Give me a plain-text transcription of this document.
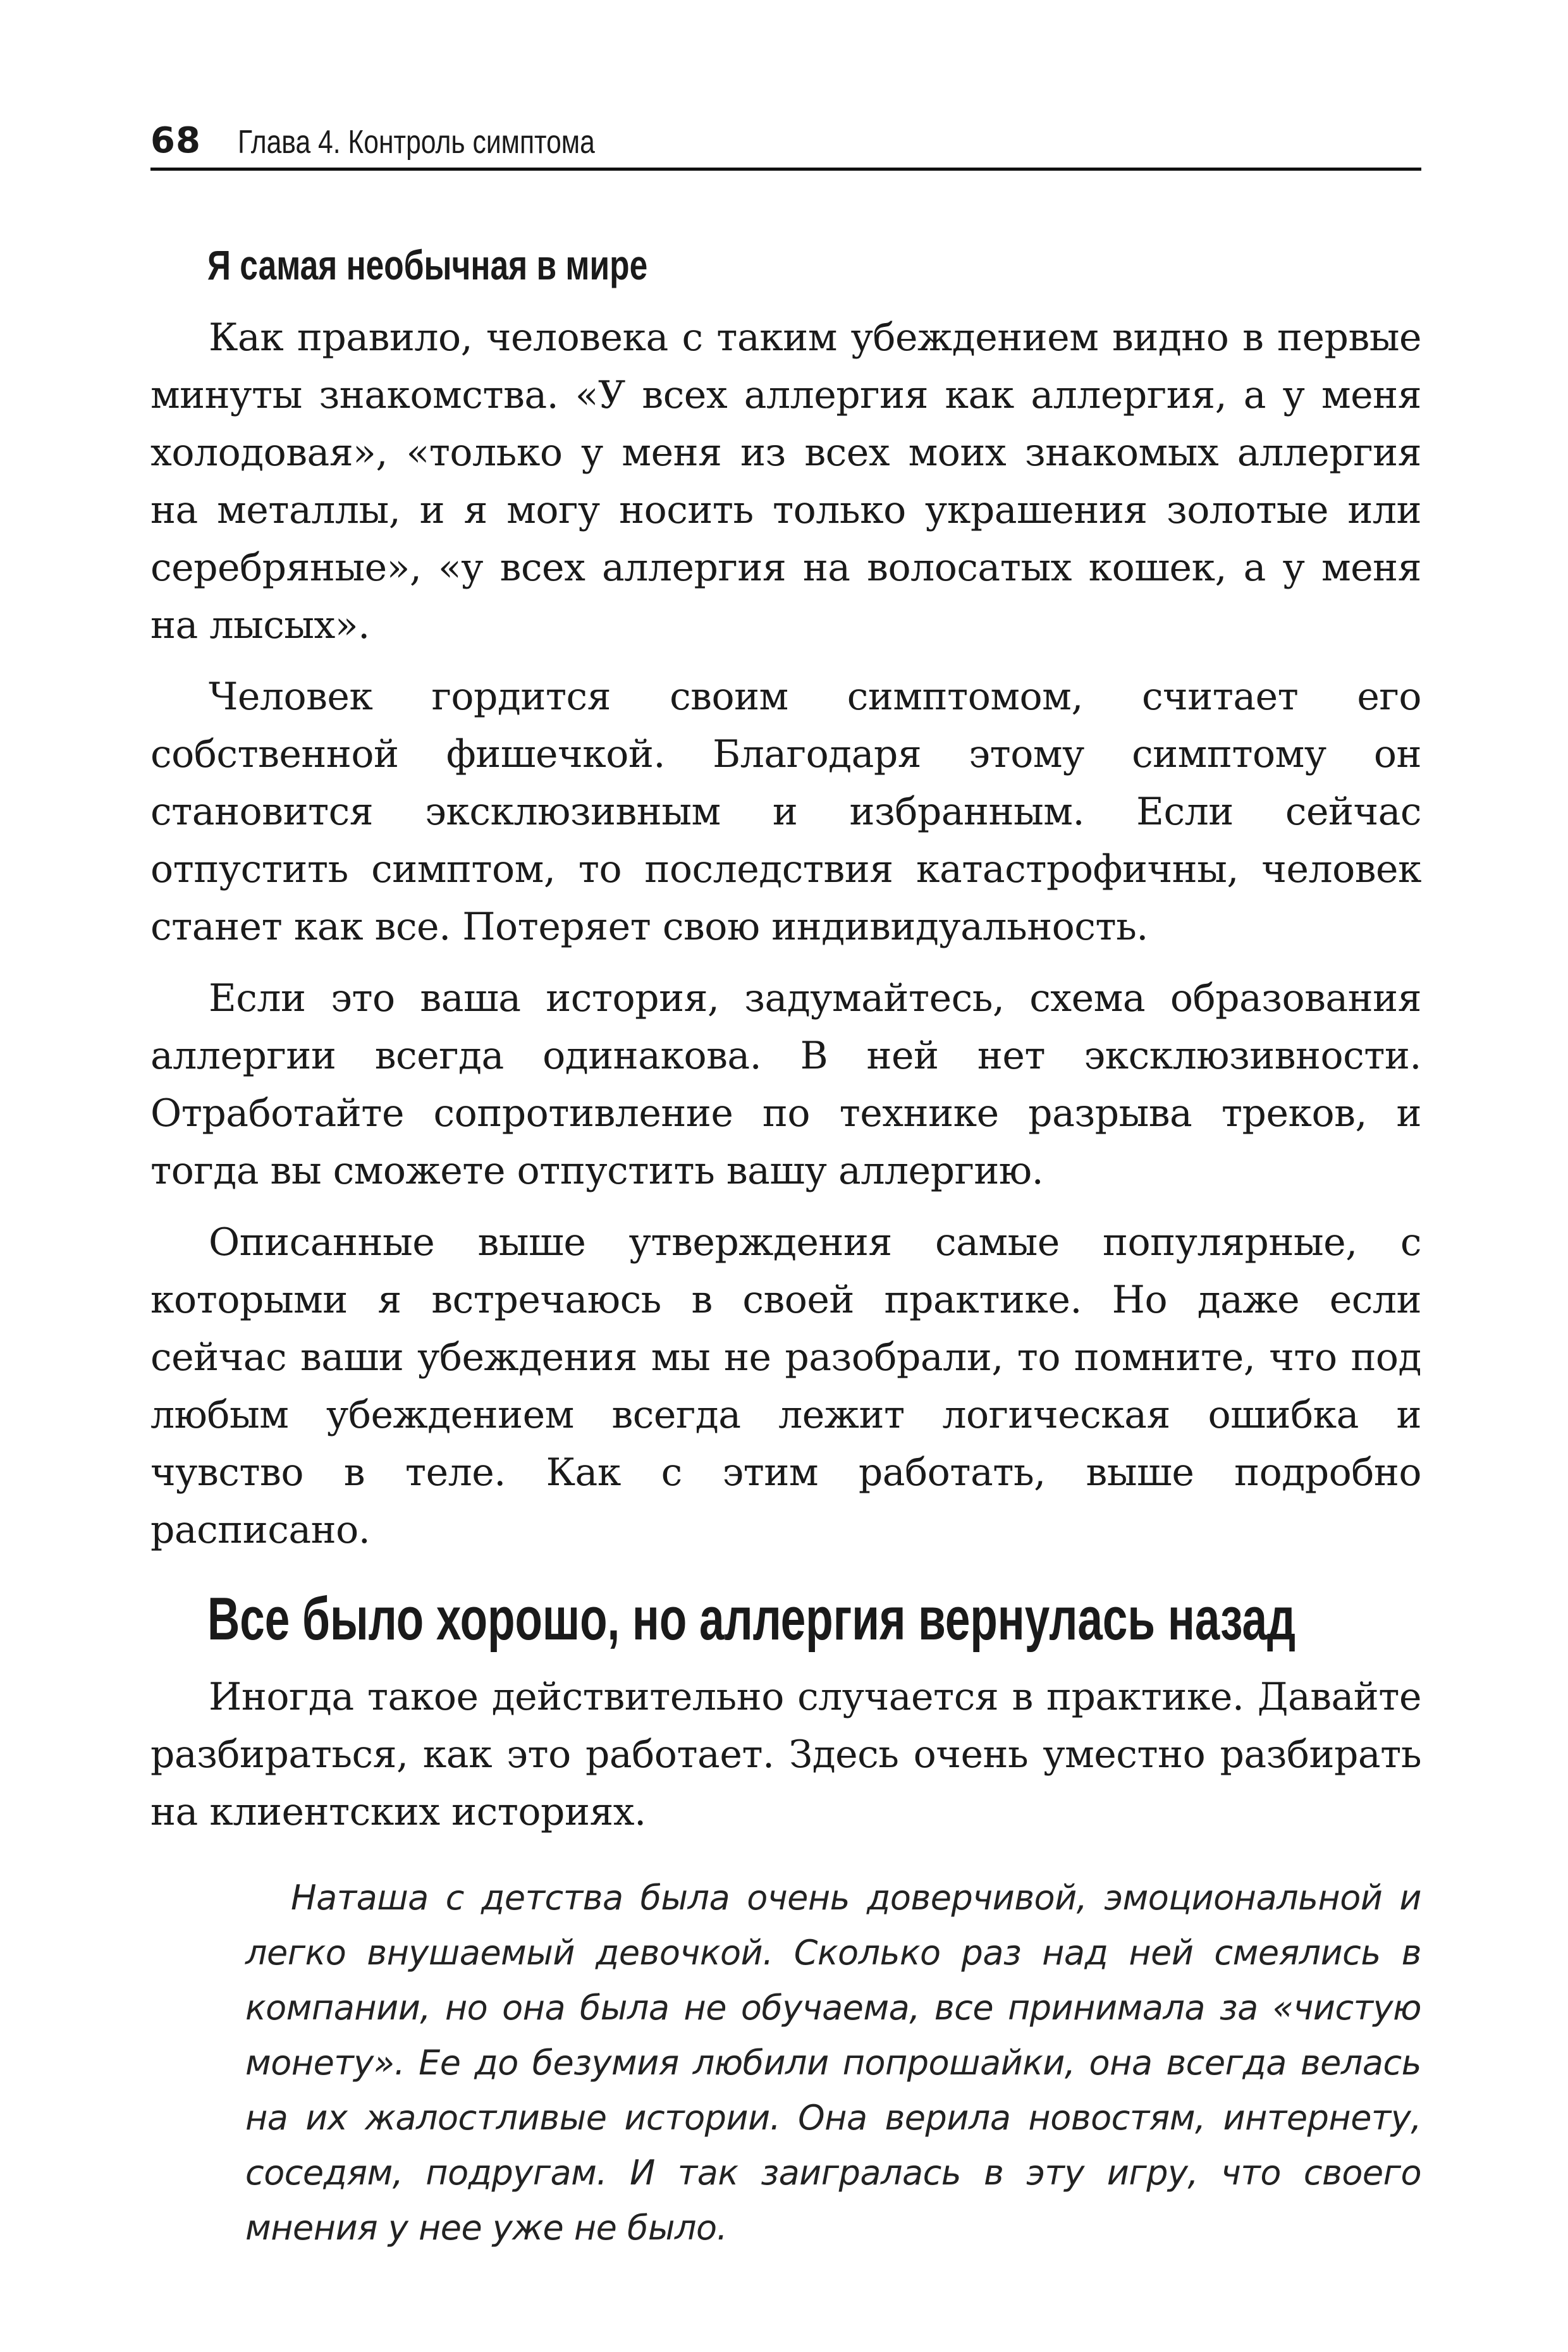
68 Глава 4. Контроль симптома
Я самая необычная в мире

Как правило, человека с таким убеждением видно в первые минуты знакомства. «У всех аллергия как аллергия, а у меня холодовая», «только у меня из всех моих знакомых аллергия на металлы, и я могу носить только украшения золотые или серебряные», «у всех аллергия на волосатых кошек, а у меня на лысых».

Человек гордится своим симптомом, считает его собственной фишечкой. Благодаря этому симптому он становится эксклюзивным и избранным. Если сейчас отпустить симптом, то последствия катастрофичны, человек станет как все. Потеряет свою индивидуальность.

Если это ваша история, задумайтесь, схема образования аллергии всегда одинакова. В ней нет эксклюзивности. Отработайте сопротивление по технике разрыва треков, и тогда вы сможете отпустить вашу аллергию.

Описанные выше утверждения самые популярные, с которыми я встречаюсь в своей практике. Но даже если сейчас ваши убеждения мы не разобрали, то помните, что под любым убеждением всегда лежит логическая ошибка и чувство в теле. Как с этим работать, выше подробно расписано.

Все было хорошо, но аллергия вернулась назад

Иногда такое действительно случается в практике. Давайте разбираться, как это работает. Здесь очень уместно разбирать на клиентских историях.

Наташа с детства была очень доверчивой, эмоциональной и легко внушаемый девочкой. Сколько раз над ней смеялись в компании, но она была не обучаема, все принимала за «чистую монету». Ее до безумия любили попрошайки, она всегда велась на их жалостливые истории. Она верила новостям, интернету, соседям, подругам. И так заигралась в эту игру, что своего мнения у нее уже не было.
